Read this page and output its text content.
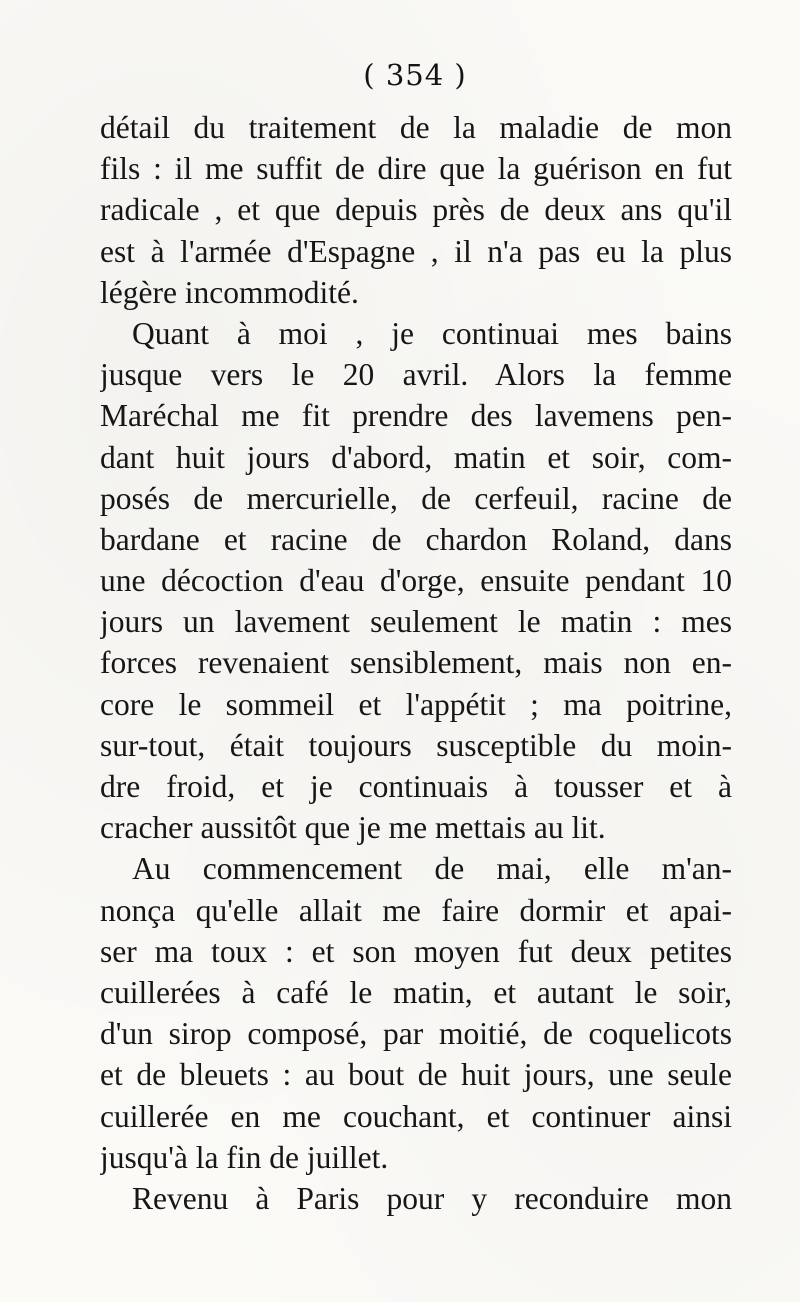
( 354 )
détail du traitement de la maladie de mon
fils : il me suffit de dire que la guérison en fut
radicale , et que depuis près de deux ans qu'il
est à l'armée d'Espagne , il n'a pas eu la plus
légère incommodité.
Quant à moi , je continuai mes bains
jusque vers le 20 avril. Alors la femme
Maréchal me fit prendre des lavemens pen-
dant huit jours d'abord, matin et soir, com-
posés de mercurielle, de cerfeuil, racine de
bardane et racine de chardon Roland, dans
une décoction d'eau d'orge, ensuite pendant 10
jours un lavement seulement le matin : mes
forces revenaient sensiblement, mais non en-
core le sommeil et l'appétit ; ma poitrine,
sur-tout, était toujours susceptible du moin-
dre froid, et je continuais à tousser et à
cracher aussitôt que je me mettais au lit.
Au commencement de mai, elle m'an-
nonça qu'elle allait me faire dormir et apai-
ser ma toux : et son moyen fut deux petites
cuillerées à café le matin, et autant le soir,
d'un sirop composé, par moitié, de coquelicots
et de bleuets : au bout de huit jours, une seule
cuillerée en me couchant, et continuer ainsi
jusqu'à la fin de juillet.
Revenu à Paris pour y reconduire mon
